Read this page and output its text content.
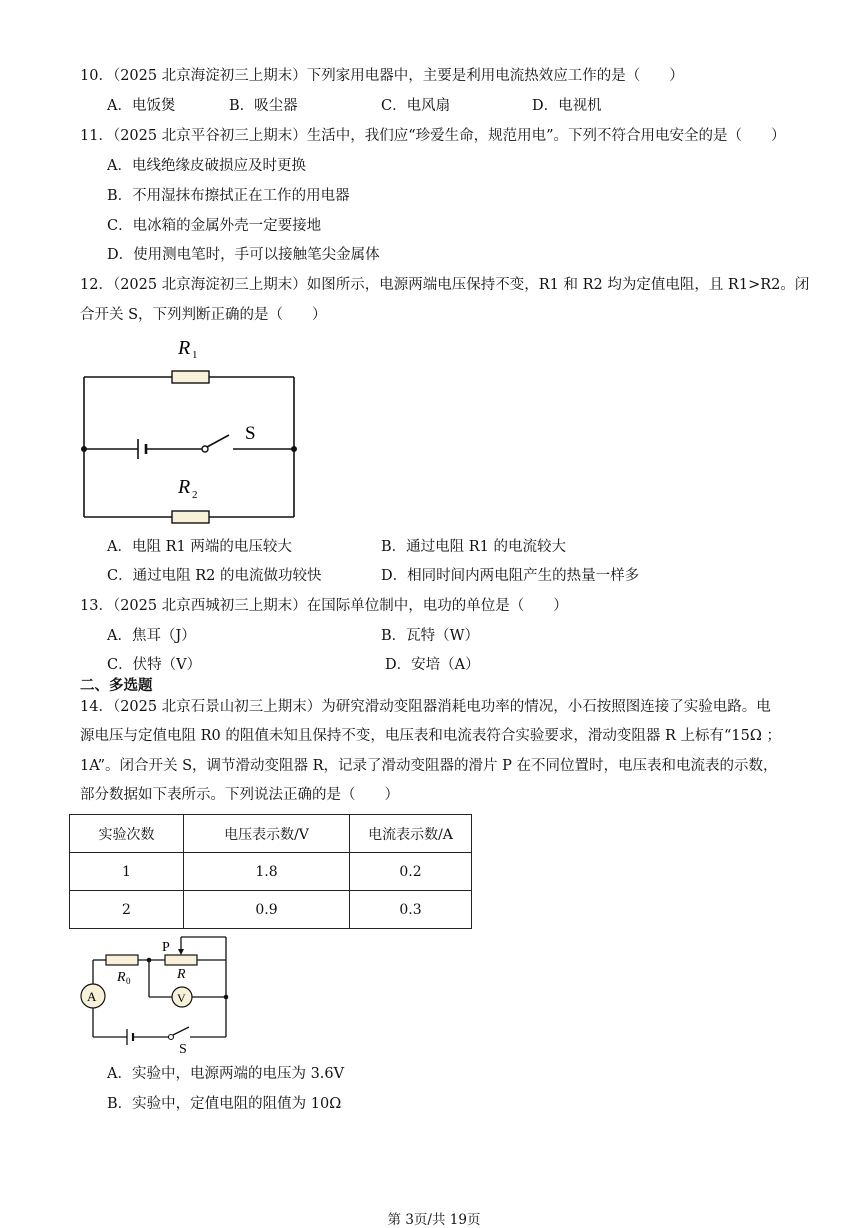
10．（2025 北京海淀初三上期末）下列家用电器中，主要是利用电流热效应工作的是（　　）
A．电饭煲	B．吸尘器	C．电风扇	D．电视机
11．（2025 北京平谷初三上期末）生活中，我们应“珍爱生命，规范用电”。下列不符合用电安全的是（　　）
A．电线绝缘皮破损应及时更换
B．不用湿抹布擦拭正在工作的用电器
C．电冰箱的金属外壳一定要接地
D．使用测电笔时，手可以接触笔尖金属体
12．（2025 北京海淀初三上期末）如图所示，电源两端电压保持不变，R1 和 R2 均为定值电阻，且 R1>R2。闭
合开关 S，下列判断正确的是（　　）
R 1
S
R 2
A．电阻 R1 两端的电压较大	B．通过电阻 R1 的电流较大
C．通过电阻 R2 的电流做功较快	D．相同时间内两电阻产生的热量一样多
13．（2025 北京西城初三上期末）在国际单位制中，电功的单位是（　　）
A．焦耳（J）	B．瓦特（W）
C．伏特（V）	D．安培（A）
二、多选题
14．（2025 北京石景山初三上期末）为研究滑动变阻器消耗电功率的情况，小石按照图连接了实验电路。电
源电压与定值电阻 R0 的阻值未知且保持不变，电压表和电流表符合实验要求，滑动变阻器 R 上标有“15Ω ；
1A”。闭合开关 S，调节滑动变阻器 R，记录了滑动变阻器的滑片 P 在不同位置时，电压表和电流表的示数，
部分数据如下表所示。下列说法正确的是（　　）
实验次数	电压表示数/V	电流表示数/A
1	1.8	0.2
2	0.9	0.3
P
R
R 0
A	V
S
A．实验中，电源两端的电压为 3.6V
B．实验中，定值电阻的阻值为 10Ω
第 3页/共 19页
